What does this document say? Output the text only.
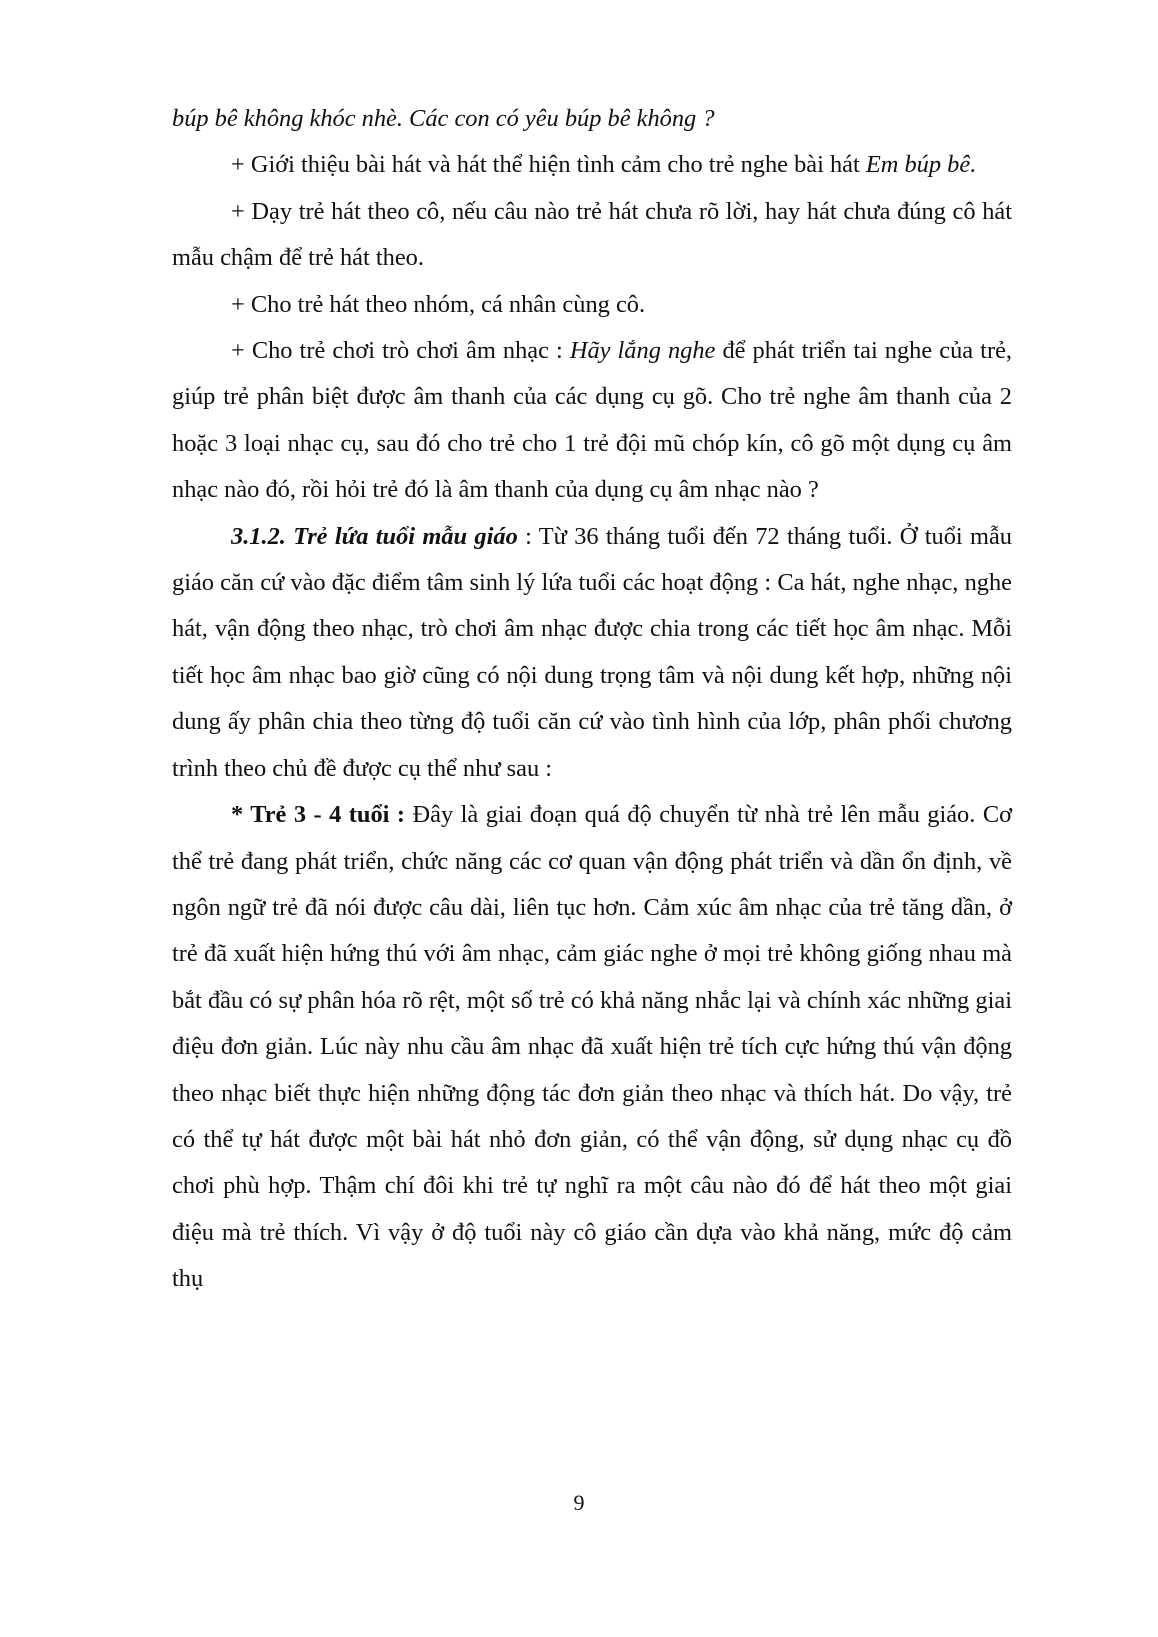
búp bê không khóc nhè. Các con có yêu búp bê không ?

+ Giới thiệu bài hát và hát thể hiện tình cảm cho trẻ nghe bài hát Em búp bê.

+ Dạy trẻ hát theo cô, nếu câu nào trẻ hát chưa rõ lời, hay hát chưa đúng cô hát mẫu chậm để trẻ hát theo.

+ Cho trẻ hát theo nhóm, cá nhân cùng cô.

+ Cho trẻ chơi trò chơi âm nhạc : Hãy lắng nghe để phát triển tai nghe của trẻ, giúp trẻ phân biệt được âm thanh của các dụng cụ gõ. Cho trẻ nghe âm thanh của 2 hoặc 3 loại nhạc cụ, sau đó cho trẻ cho 1 trẻ đội mũ chóp kín, cô gõ một dụng cụ âm nhạc nào đó, rồi hỏi trẻ đó là âm thanh của dụng cụ âm nhạc nào ?

3.1.2. Trẻ lứa tuổi mẫu giáo : Từ 36 tháng tuổi đến 72 tháng tuổi. Ở tuổi mẫu giáo căn cứ vào đặc điểm tâm sinh lý lứa tuổi các hoạt động : Ca hát, nghe nhạc, nghe hát, vận động theo nhạc, trò chơi âm nhạc được chia trong các tiết học âm nhạc. Mỗi tiết học âm nhạc bao giờ cũng có nội dung trọng tâm và nội dung kết hợp, những nội dung ấy phân chia theo từng độ tuổi căn cứ vào tình hình của lớp, phân phối chương trình theo chủ đề được cụ thể như sau :

* Trẻ 3 - 4 tuổi : Đây là giai đoạn quá độ chuyển từ nhà trẻ lên mẫu giáo. Cơ thể trẻ đang phát triển, chức năng các cơ quan vận động phát triển và dần ổn định, về ngôn ngữ trẻ đã nói được câu dài, liên tục hơn. Cảm xúc âm nhạc của trẻ tăng dần, ở trẻ đã xuất hiện hứng thú với âm nhạc, cảm giác nghe ở mọi trẻ không giống nhau mà bắt đầu có sự phân hóa rõ rệt, một số trẻ có khả năng nhắc lại và chính xác những giai điệu đơn giản. Lúc này nhu cầu âm nhạc đã xuất hiện trẻ tích cực hứng thú vận động theo nhạc biết thực hiện những động tác đơn giản theo nhạc và thích hát. Do vậy, trẻ có thể tự hát được một bài hát nhỏ đơn giản, có thể vận động, sử dụng nhạc cụ đồ chơi phù hợp. Thậm chí đôi khi trẻ tự nghĩ ra một câu nào đó để hát theo một giai điệu mà trẻ thích. Vì vậy ở độ tuổi này cô giáo cần dựa vào khả năng, mức độ cảm thụ

9
